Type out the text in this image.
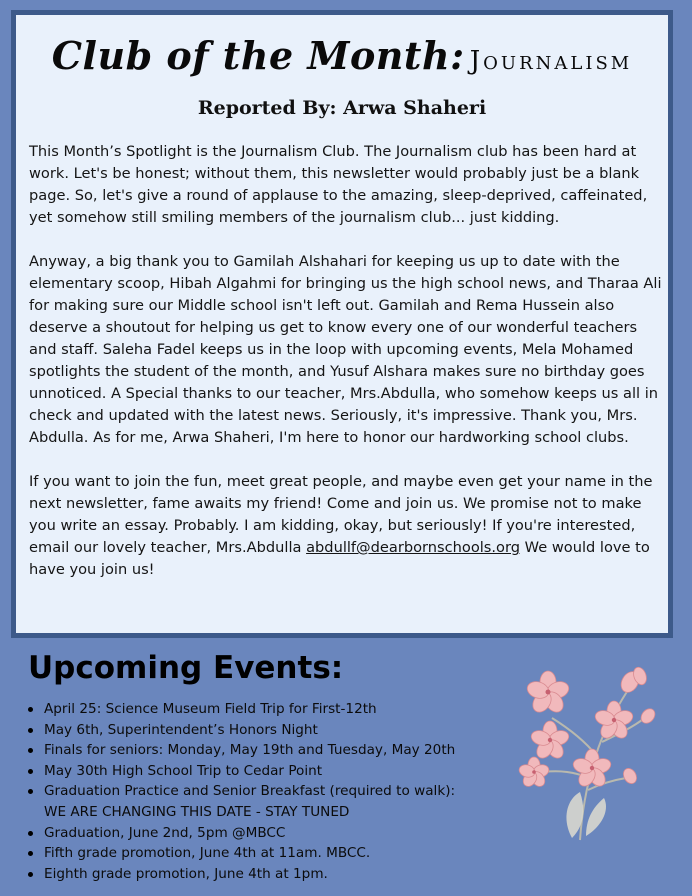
Club of the Month: Journalism
Reported By: Arwa Shaheri

This Month’s Spotlight is the Journalism Club. The Journalism club has been hard at work. Let's be honest; without them, this newsletter would probably just be a blank page. So, let's give a round of applause to the amazing, sleep-deprived, caffeinated, yet somehow still smiling members of the journalism club... just kidding.

Anyway, a big thank you to Gamilah Alshahari for keeping us up to date with the elementary scoop, Hibah Algahmi for bringing us the high school news, and Tharaa Ali for making sure our Middle school isn't left out. Gamilah and Rema Hussein also deserve a shoutout for helping us get to know every one of our wonderful teachers and staff. Saleha Fadel keeps us in the loop with upcoming events, Mela Mohamed spotlights the student of the month, and Yusuf Alshara makes sure no birthday goes unnoticed. A Special thanks to our teacher, Mrs.Abdulla, who somehow keeps us all in check and updated with the latest news. Seriously, it's impressive. Thank you, Mrs. Abdulla. As for me, Arwa Shaheri, I'm here to honor our hardworking school clubs.

If you want to join the fun, meet great people, and maybe even get your name in the next newsletter, fame awaits my friend! Come and join us. We promise not to make you write an essay. Probably. I am kidding, okay, but seriously! If you're interested, email our lovely teacher, Mrs.Abdulla abdullf@dearbornschools.org We would love to have you join us!

Upcoming Events:
April 25: Science Museum Field Trip for First-12th
May 6th, Superintendent’s Honors Night
Finals for seniors: Monday, May 19th and Tuesday, May 20th
May 30th High School Trip to Cedar Point
Graduation Practice and Senior Breakfast (required to walk):
WE ARE CHANGING THIS DATE - STAY TUNED
Graduation, June 2nd, 5pm @MBCC
Fifth grade promotion, June 4th at 11am. MBCC.
Eighth grade promotion, June 4th at 1pm.
